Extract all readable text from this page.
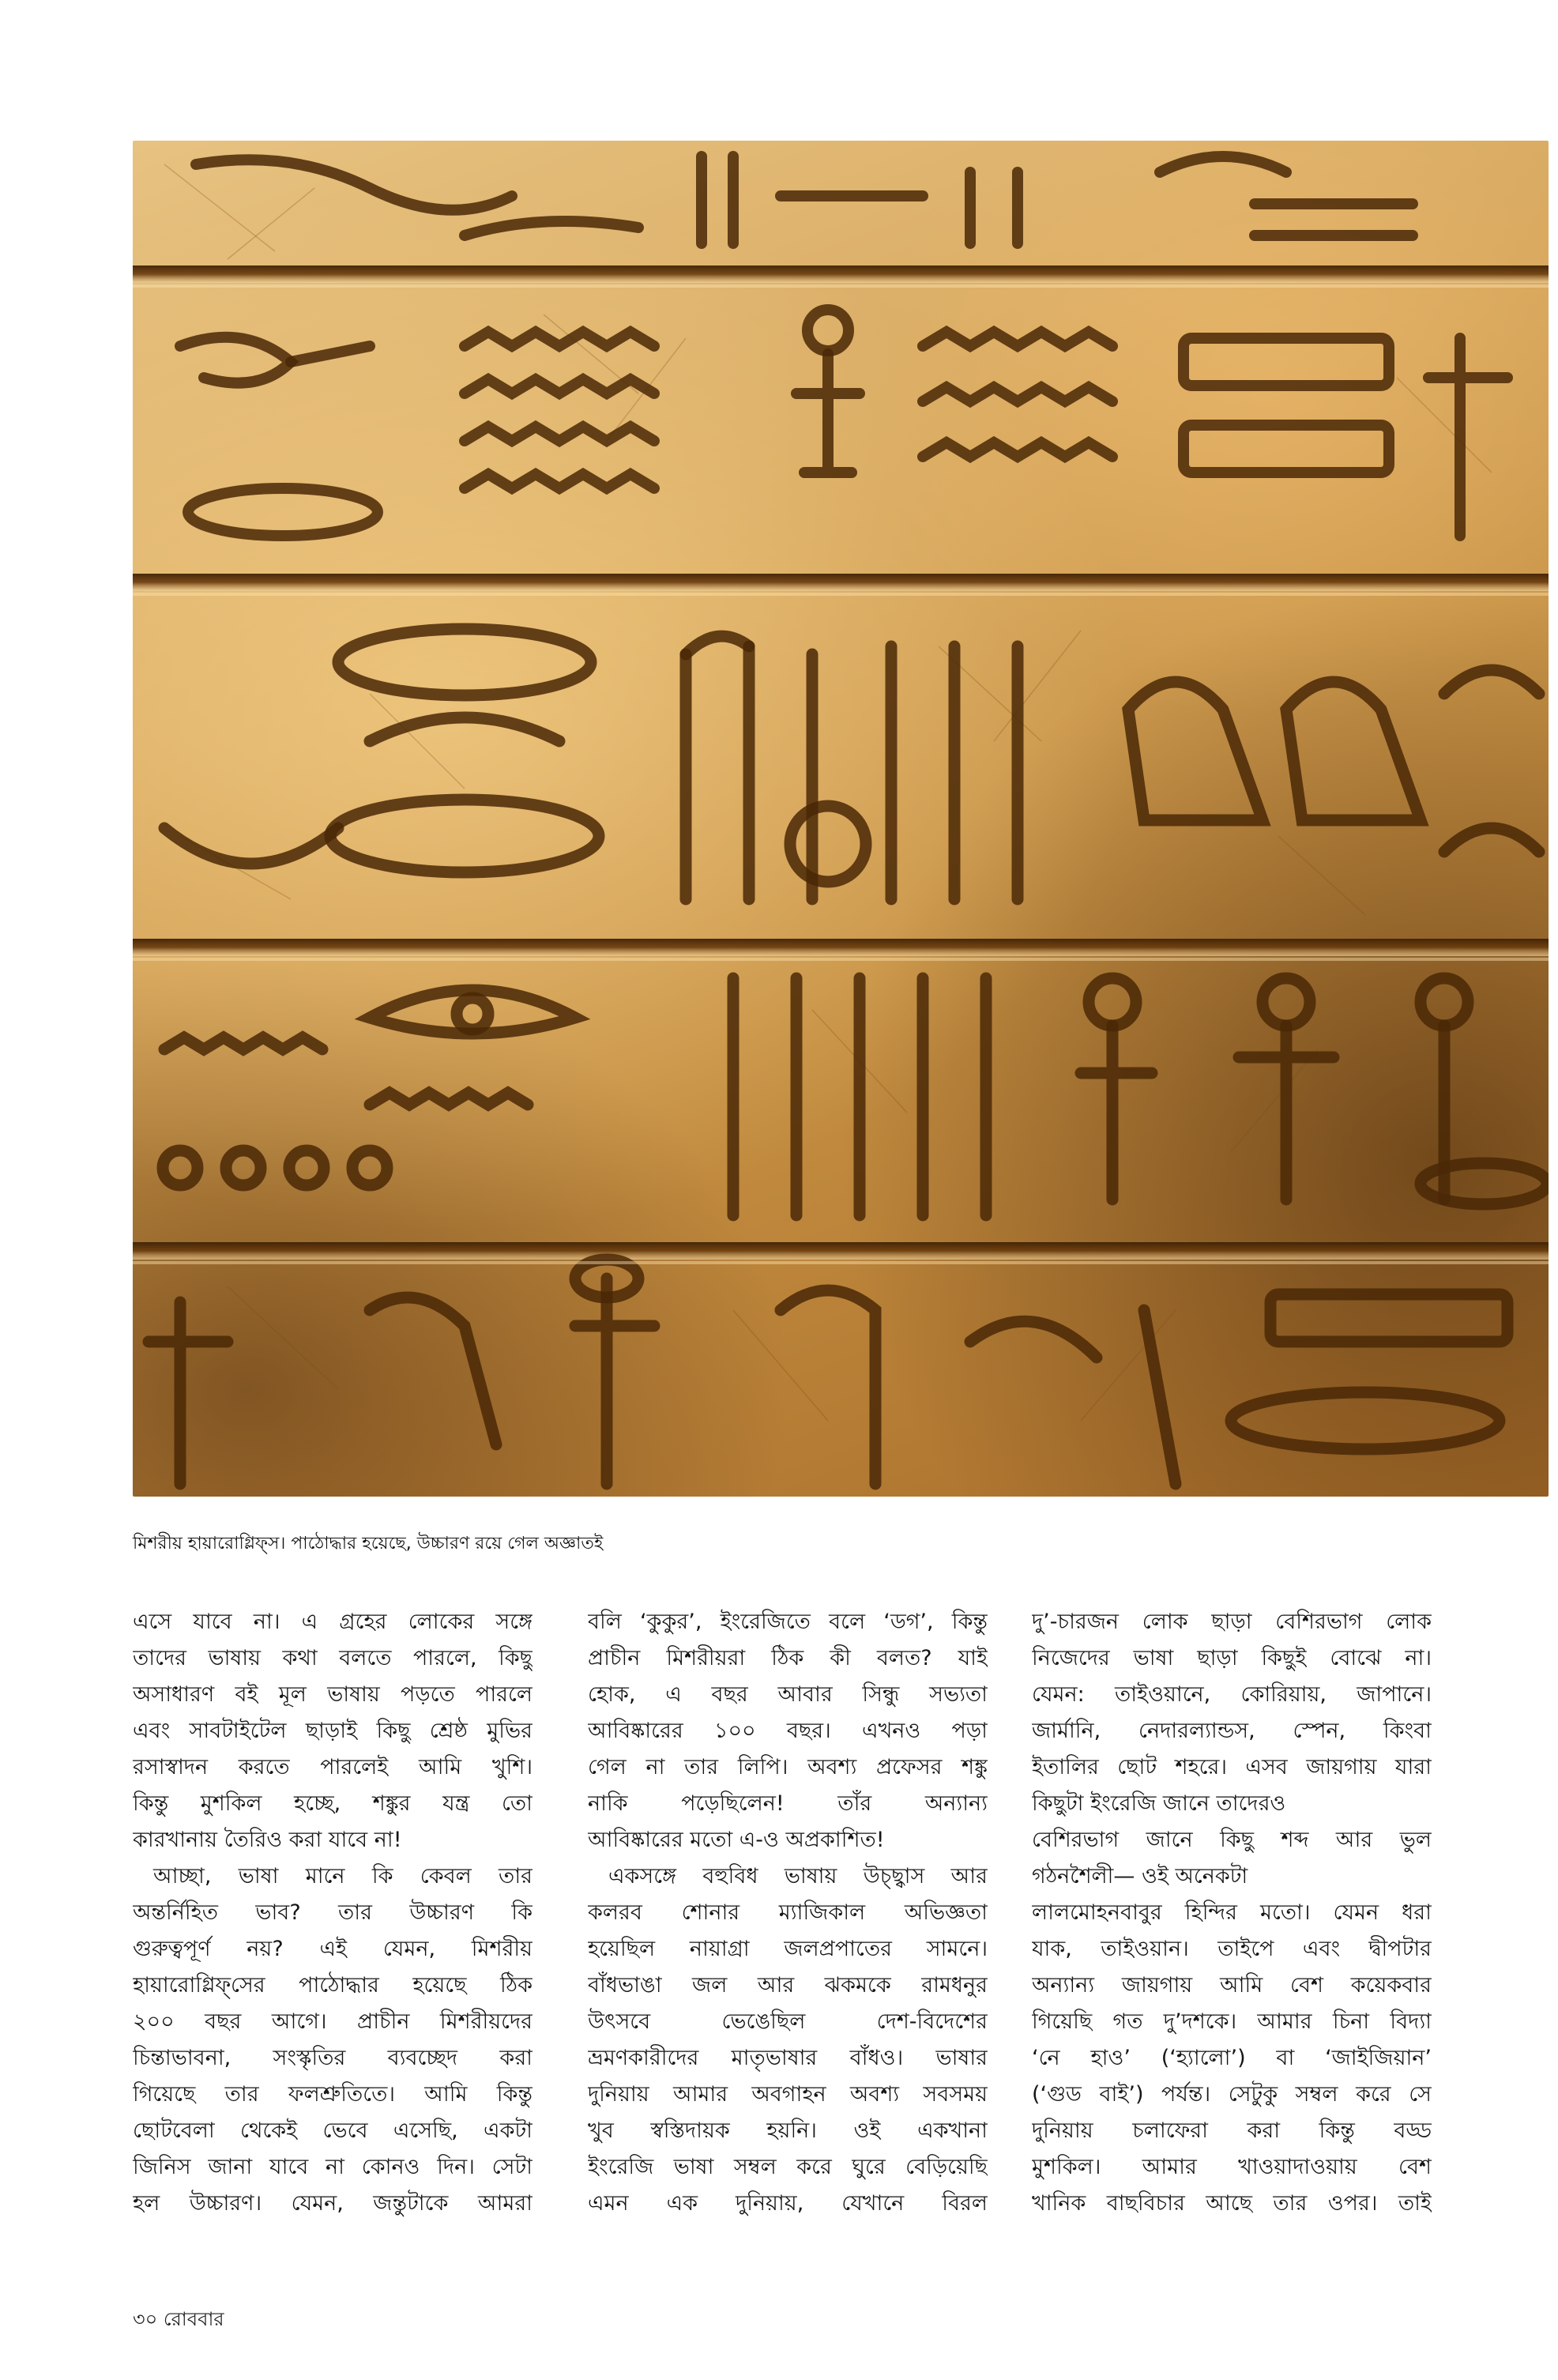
মিশরীয় হায়ারোগ্লিফ্‌স। পাঠোদ্ধার হয়েছে, উচ্চারণ রয়ে গেল অজ্ঞাতই
এসে যাবে না। এ গ্রহের লোকের সঙ্গে
তাদের ভাষায় কথা বলতে পারলে, কিছু
অসাধারণ বই মূল ভাষায় পড়তে পারলে
এবং সাবটাইটেল ছাড়াই কিছু শ্রেষ্ঠ মুভির
রসাস্বাদন করতে পারলেই আমি খুশি।
কিন্তু মুশকিল হচ্ছে, শঙ্কুর যন্ত্র তো
কারখানায় তৈরিও করা যাবে না!
আচ্ছা, ভাষা মানে কি কেবল তার
অন্তর্নিহিত ভাব? তার উচ্চারণ কি
গুরুত্বপূর্ণ নয়? এই যেমন, মিশরীয়
হায়ারোগ্লিফ্‌সের পাঠোদ্ধার হয়েছে ঠিক
২০০ বছর আগে। প্রাচীন মিশরীয়দের
চিন্তাভাবনা, সংস্কৃতির ব্যবচ্ছেদ করা
গিয়েছে তার ফলশ্রুতিতে। আমি কিন্তু
ছোটবেলা থেকেই ভেবে এসেছি, একটা
জিনিস জানা যাবে না কোনও দিন। সেটা
হল উচ্চারণ। যেমন, জন্তুটাকে আমরা
বলি ‘কুকুর’, ইংরেজিতে বলে ‘ডগ’, কিন্তু
প্রাচীন মিশরীয়রা ঠিক কী বলত? যাই
হোক, এ বছর আবার সিন্ধু সভ্যতা
আবিষ্কারের ১০০ বছর। এখনও পড়া
গেল না তার লিপি। অবশ্য প্রফেসর শঙ্কু
নাকি পড়েছিলেন! তাঁর অন্যান্য
আবিষ্কারের মতো এ-ও অপ্রকাশিত!
একসঙ্গে বহুবিধ ভাষায় উচ্ছ্বাস আর
কলরব শোনার ম্যাজিকাল অভিজ্ঞতা
হয়েছিল নায়াগ্রা জলপ্রপাতের সামনে।
বাঁধভাঙা জল আর ঝকমকে রামধনুর
উৎসবে ভেঙেছিল দেশ-বিদেশের
ভ্রমণকারীদের মাতৃভাষার বাঁধও। ভাষার
দুনিয়ায় আমার অবগাহন অবশ্য সবসময়
খুব স্বস্তিদায়ক হয়নি। ওই একখানা
ইংরেজি ভাষা সম্বল করে ঘুরে বেড়িয়েছি
এমন এক দুনিয়ায়, যেখানে বিরল
দু’-চারজন লোক ছাড়া বেশিরভাগ লোক
নিজেদের ভাষা ছাড়া কিছুই বোঝে না।
যেমন: তাইওয়ানে, কোরিয়ায়, জাপানে।
জার্মানি, নেদারল্যান্ডস, স্পেন, কিংবা
ইতালির ছোট শহরে। এসব জায়গায় যারা
কিছুটা ইংরেজি জানে তাদেরও
বেশিরভাগ জানে কিছু শব্দ আর ভুল
গঠনশৈলী— ওই অনেকটা
লালমোহনবাবুর হিন্দির মতো। যেমন ধরা
যাক, তাইওয়ান। তাইপে এবং দ্বীপটার
অন্যান্য জায়গায় আমি বেশ কয়েকবার
গিয়েছি গত দু’দশকে। আমার চিনা বিদ্যা
‘নে হাও’ (‘হ্যালো’) বা ‘জাইজিয়ান’
(‘গুড বাই’) পর্যন্ত। সেটুকু সম্বল করে সে
দুনিয়ায় চলাফেরা করা কিন্তু বড্ড
মুশকিল। আমার খাওয়াদাওয়ায় বেশ
খানিক বাছবিচার আছে তার ওপর। তাই
৩০ রোববার
